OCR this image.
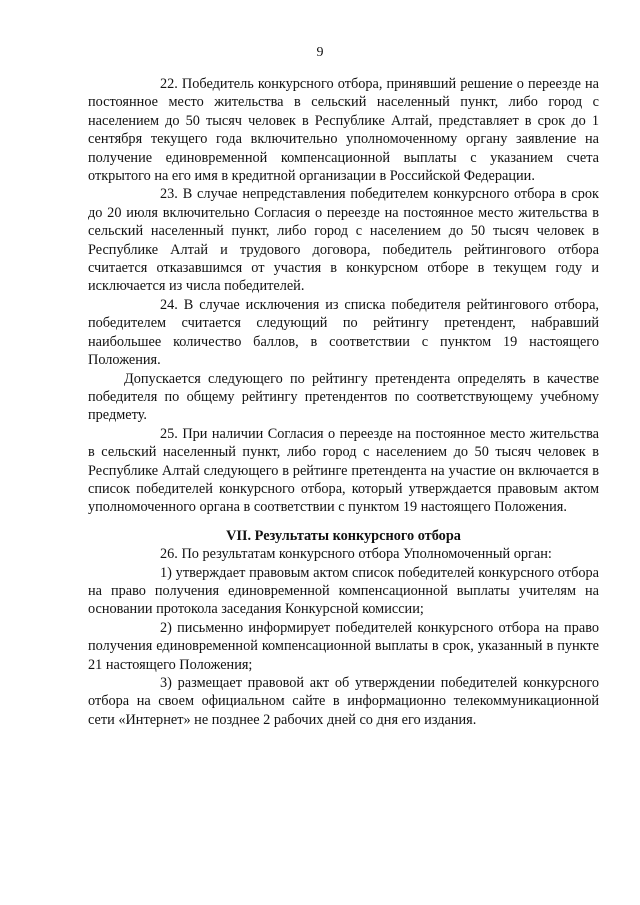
9

22. Победитель конкурсного отбора, принявший решение о переезде на постоянное место жительства в сельский населенный пункт, либо город с населением до 50 тысяч человек в Республике Алтай, представляет в срок до 1 сентября текущего года включительно уполномоченному органу заявление на получение единовременной компенсационной выплаты с указанием счета открытого на его имя в кредитной организации в Российской Федерации.

23. В случае непредставления победителем конкурсного отбора в срок до 20 июля включительно Согласия о переезде на постоянное место жительства в сельский населенный пункт, либо город с населением до 50 тысяч человек в Республике Алтай и трудового договора, победитель рейтингового отбора считается отказавшимся от участия в конкурсном отборе в текущем году и исключается из числа победителей.

24. В случае исключения из списка победителя рейтингового отбора, победителем считается следующий по рейтингу претендент, набравший наибольшее количество баллов, в соответствии с пунктом 19 настоящего Положения.

Допускается следующего по рейтингу претендента определять в качестве победителя по общему рейтингу претендентов по соответствующему учебному предмету.

25. При наличии Согласия о переезде на постоянное место жительства в сельский населенный пункт, либо город с населением до 50 тысяч человек в Республике Алтай следующего в рейтинге претендента на участие он включается в список победителей конкурсного отбора, который утверждается правовым актом уполномоченного органа в соответствии с пунктом 19 настоящего Положения.

VII. Результаты конкурсного отбора

26. По результатам конкурсного отбора Уполномоченный орган:

1) утверждает правовым актом список победителей конкурсного отбора на право получения единовременной компенсационной выплаты учителям на основании протокола заседания Конкурсной комиссии;

2) письменно информирует победителей конкурсного отбора на право получения единовременной компенсационной выплаты в срок, указанный в пункте 21 настоящего Положения;

3) размещает правовой акт об утверждении победителей конкурсного отбора на своем официальном сайте в информационно телекоммуникационной сети «Интернет» не позднее 2 рабочих дней со дня его издания.
